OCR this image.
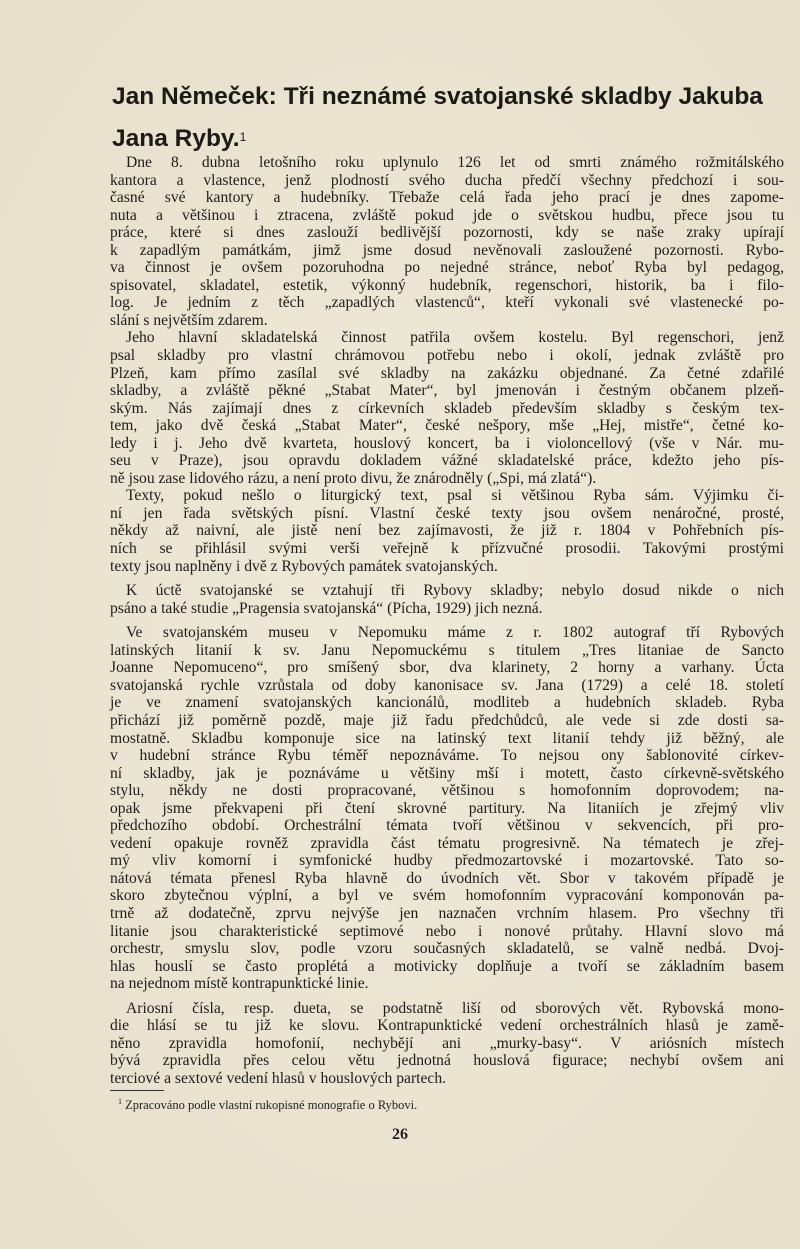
Jan Němeček: Tři neznámé svatojanské skladby Jakuba
Jana Ryby.$^1$
Dne 8. dubna letošního roku uplynulo 126 let od smrti známého rožmitálského
kantora a vlastence, jenž plodností svého ducha předčí všechny předchozí i sou-
časné své kantory a hudebníky. Třebaže celá řada jeho prací je dnes zapome-
nuta a většinou i ztracena, zvláště pokud jde o světskou hudbu, přece jsou tu
práce, které si dnes zaslouží bedlivější pozornosti, kdy se naše zraky upírají
k zapadlým památkám, jimž jsme dosud nevěnovali zasloužené pozornosti. Rybo-
va činnost je ovšem pozoruhodna po nejedné stránce, neboť Ryba byl pedagog,
spisovatel, skladatel, estetik, výkonný hudebník, regenschori, historik, ba i filo-
log. Je jedním z těch „zapadlých vlastenců“, kteří vykonali své vlastenecké po-
slání s největším zdarem.
Jeho hlavní skladatelská činnost patřila ovšem kostelu. Byl regenschori, jenž
psal skladby pro vlastní chrámovou potřebu nebo i okolí, jednak zvláště pro
Plzeň, kam přímo zasílal své skladby na zakázku objednané. Za četné zdařilé
skladby, a zvláště pěkné „Stabat Mater“, byl jmenován i čestným občanem plzeň-
ským. Nás zajímají dnes z církevních skladeb především skladby s českým tex-
tem, jako dvě česká „Stabat Mater“, české nešpory, mše „Hej, mistře“, četné ko-
ledy i j. Jeho dvě kvarteta, houslový koncert, ba i violoncellový (vše v Nár. mu-
seu v Praze), jsou opravdu dokladem vážné skladatelské práce, kdežto jeho pís-
ně jsou zase lidového rázu, a není proto divu, že znárodněly („Spi, má zlatá“).
Texty, pokud nešlo o liturgický text, psal si většinou Ryba sám. Výjimku či-
ní jen řada světských písní. Vlastní české texty jsou ovšem nenáročné, prosté,
někdy až naivní, ale jistě není bez zajímavosti, že již r. 1804 v Pohřebních pís-
ních se přihlásil svými verši veřejně k přízvučné prosodii. Takovými prostými
texty jsou naplněny i dvě z Rybových památek svatojanských.
K úctě svatojanské se vztahují tři Rybovy skladby; nebylo dosud nikde o nich
psáno a také studie „Pragensia svatojanská“ (Pícha, 1929) jich nezná.
Ve svatojanském museu v Nepomuku máme z r. 1802 autograf tří Rybových
latinských litanií k sv. Janu Nepomuckému s titulem „Tres litaniae de Sancto
Joanne Nepomuceno“, pro smíšený sbor, dva klarinety, 2 horny a varhany. Úcta
svatojanská rychle vzrůstala od doby kanonisace sv. Jana (1729) a celé 18. století
je ve znamení svatojanských kancionálů, modliteb a hudebních skladeb. Ryba
přichází již poměrně pozdě, maje již řadu předchůdců, ale vede si zde dosti sa-
mostatně. Skladbu komponuje sice na latinský text litanií tehdy již běžný, ale
v hudební stránce Rybu téměř nepoznáváme. To nejsou ony šablonovité církev-
ní skladby, jak je poznáváme u většiny mší i motett, často církevně-světského
stylu, někdy ne dosti propracované, většinou s homofonním doprovodem; na-
opak jsme překvapeni při čtení skrovné partitury. Na litaniích je zřejmý vliv
předchozího období. Orchestrální témata tvoří většinou v sekvencích, při pro-
vedení opakuje rovněž zpravidla část tématu progresivně. Na tématech je zřej-
mý vliv komorní i symfonické hudby předmozartovské i mozartovské. Tato so-
nátová témata přenesl Ryba hlavně do úvodních vět. Sbor v takovém případě je
skoro zbytečnou výplní, a byl ve svém homofonním vypracování komponován pa-
trně až dodatečně, zprvu nejvýše jen naznačen vrchním hlasem. Pro všechny tři
litanie jsou charakteristické septimové nebo i nonové průtahy. Hlavní slovo má
orchestr, smyslu slov, podle vzoru současných skladatelů, se valně nedbá. Dvoj-
hlas houslí se často proplétá a motivicky doplňuje a tvoří se základním basem
na nejednom místě kontrapunktické linie.
Ariosní čísla, resp. dueta, se podstatně liší od sborových vět. Rybovská mono-
die hlásí se tu již ke slovu. Kontrapunktické vedení orchestrálních hlasů je zamě-
něno zpravidla homofonií, nechybějí ani „murky-basy“. V ariósních místech
bývá zpravidla přes celou větu jednotná houslová figurace; nechybí ovšem ani
terciové a sextové vedení hlasů v houslových partech.
$^1$ Zpracováno podle vlastní rukopisné monografie o Rybovi.
26
